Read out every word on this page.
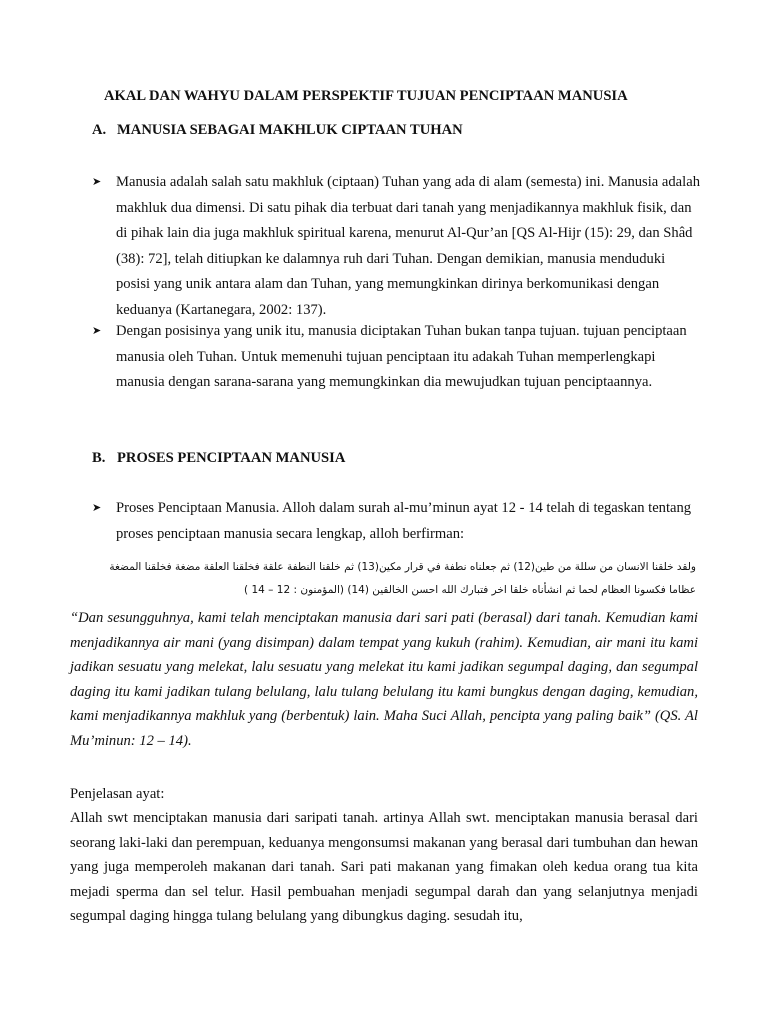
AKAL DAN WAHYU DALAM PERSPEKTIF TUJUAN PENCIPTAAN MANUSIA
A. MANUSIA SEBAGAI MAKHLUK CIPTAAN TUHAN
➤	Manusia adalah salah satu makhluk (ciptaan) Tuhan yang ada di alam (semesta) ini. Manusia adalah makhluk dua dimensi. Di satu pihak dia terbuat dari tanah yang menjadikannya makhluk fisik, dan di pihak lain dia juga makhluk spiritual karena, menurut Al-Qur’an [QS Al-Hijr (15): 29, dan Shâd (38): 72], telah ditiupkan ke dalamnya ruh dari Tuhan. Dengan demikian, manusia menduduki posisi yang unik antara alam dan Tuhan, yang memungkinkan dirinya berkomunikasi dengan keduanya (Kartanegara, 2002: 137).
➤	Dengan posisinya yang unik itu, manusia diciptakan Tuhan bukan tanpa tujuan. tujuan penciptaan manusia oleh Tuhan. Untuk memenuhi tujuan penciptaan itu adakah Tuhan memperlengkapi manusia dengan sarana-sarana yang memungkinkan dia mewujudkan tujuan penciptaannya.
B. PROSES PENCIPTAAN MANUSIA
➤	Proses Penciptaan Manusia. Alloh dalam surah al-mu’minun ayat 12 - 14 telah di tegaskan tentang proses penciptaan manusia secara lengkap, alloh berfirman:
ولقد خلقنا الانسان من سللة من طين(12) ثم جعلناه نطفة في قرار مكين(13) ثم خلقنا النطفة علقة فخلقنا العلقة مضغة فخلقنا المضغة
عظاما فكسونا العظام لحما ثم انشأناه خلقا اخر فتبارك الله احسن الخالقين (14) (المؤمنون : 12 – 14 )
“Dan sesungguhnya, kami telah menciptakan manusia dari sari pati (berasal) dari tanah. Kemudian kami menjadikannya air mani (yang disimpan) dalam tempat yang kukuh (rahim). Kemudian, air mani itu kami jadikan sesuatu yang melekat, lalu sesuatu yang melekat itu kami jadikan segumpal daging, dan segumpal daging itu kami jadikan tulang belulang, lalu tulang belulang itu kami bungkus dengan daging, kemudian, kami menjadikannya makhluk yang (berbentuk) lain. Maha Suci Allah, pencipta yang paling baik” (QS. Al Mu’minun: 12 – 14).
Penjelasan ayat:
Allah swt menciptakan manusia dari saripati tanah. artinya Allah swt. menciptakan manusia berasal dari seorang laki-laki dan perempuan, keduanya mengonsumsi makanan yang berasal dari tumbuhan dan hewan yang juga memperoleh makanan dari tanah. Sari pati makanan yang fimakan oleh kedua orang tua kita mejadi sperma dan sel telur. Hasil pembuahan menjadi segumpal darah dan yang selanjutnya menjadi segumpal daging hingga tulang belulang yang dibungkus daging. sesudah itu,
